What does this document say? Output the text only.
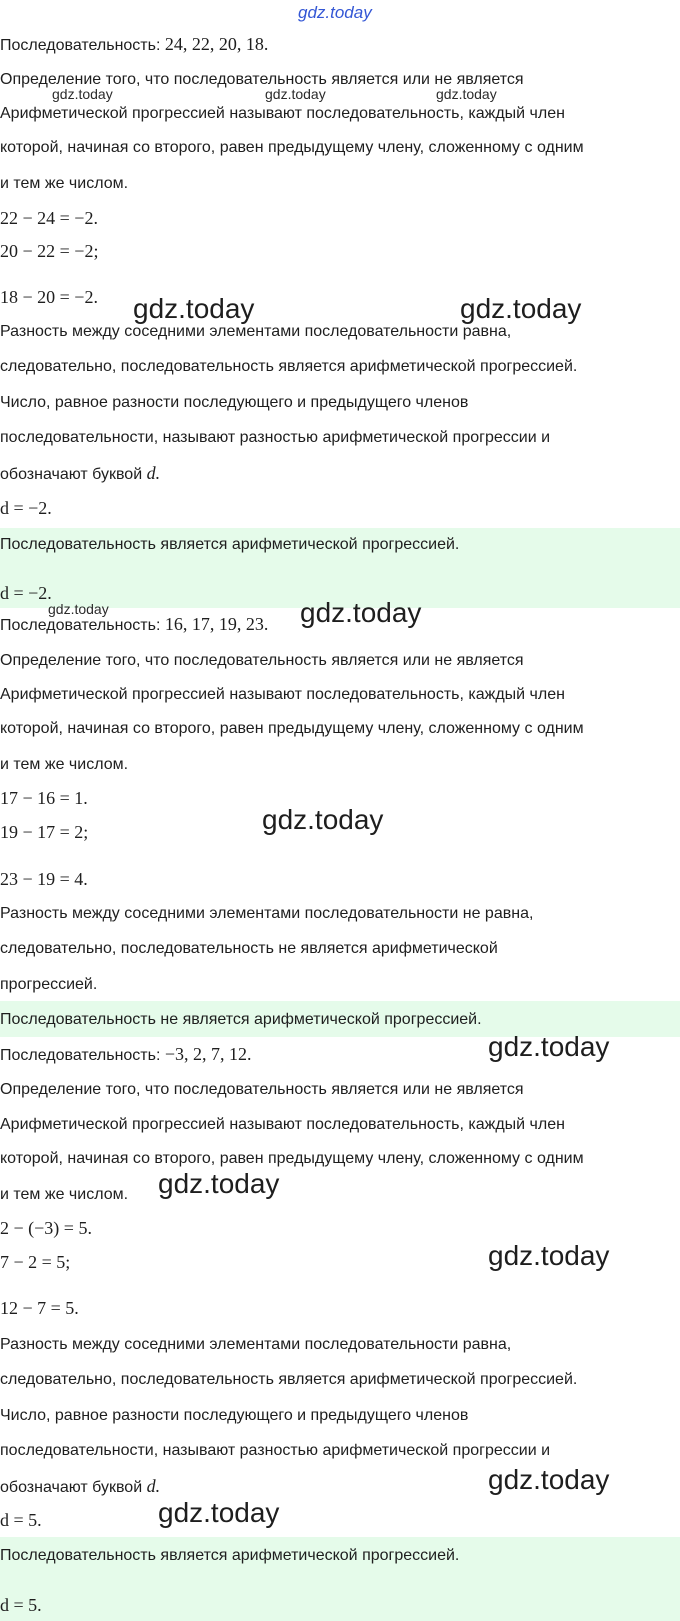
gdz.today
Последовательность: 24, 22, 20, 18.
Определение того, что последовательность является или не является
Арифметической прогрессией называют последовательность, каждый член
которой, начиная со второго, равен предыдущему члену, сложенному с одним
и тем же числом.
22 − 24 = −2.
20 − 22 = −2;
18 − 20 = −2.
Разность между соседними элементами последовательности равна,
следовательно, последовательность является арифметической прогрессией.
Число, равное разности последующего и предыдущего членов
последовательности, называют разностью арифметической прогрессии и
обозначают буквой d.
d = −2.
Последовательность является арифметической прогрессией.
d = −2.
Последовательность: 16, 17, 19, 23.
Определение того, что последовательность является или не является
Арифметической прогрессией называют последовательность, каждый член
которой, начиная со второго, равен предыдущему члену, сложенному с одним
и тем же числом.
17 − 16 = 1.
19 − 17 = 2;
23 − 19 = 4.
Разность между соседними элементами последовательности не равна,
следовательно, последовательность не является арифметической
прогрессией.
Последовательность не является арифметической прогрессией.
Последовательность: −3, 2, 7, 12.
Определение того, что последовательность является или не является
Арифметической прогрессией называют последовательность, каждый член
которой, начиная со второго, равен предыдущему члену, сложенному с одним
и тем же числом.
2 − (−3) = 5.
7 − 2 = 5;
12 − 7 = 5.
Разность между соседними элементами последовательности равна,
следовательно, последовательность является арифметической прогрессией.
Число, равное разности последующего и предыдущего членов
последовательности, называют разностью арифметической прогрессии и
обозначают буквой d.
d = 5.
Последовательность является арифметической прогрессией.
d = 5.
gdz.today	gdz.today	gdz.today
gdz.today	gdz.today
gdz.today	gdz.today
gdz.today
gdz.today
gdz.today
gdz.today
gdz.today
gdz.today
